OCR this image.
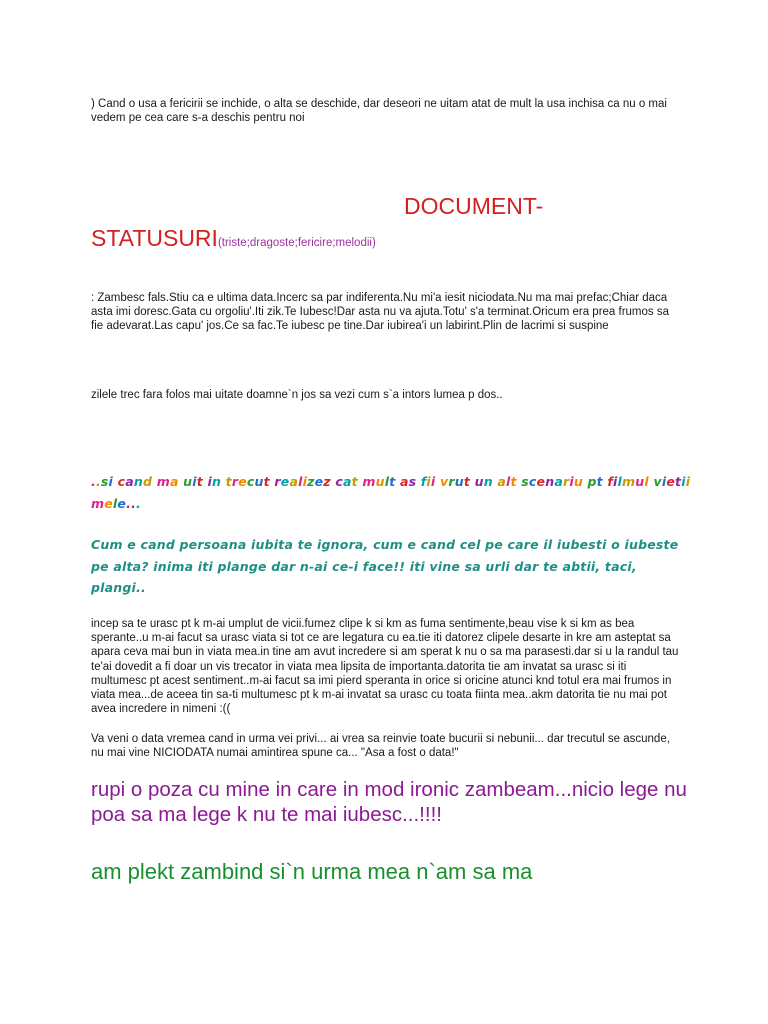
) Cand o usa a fericirii se inchide, o alta se deschide, dar deseori ne uitam atat de mult la usa inchisa ca nu o mai vedem pe cea care s-a deschis pentru noi

DOCUMENT-

STATUSURI(triste;dragoste;fericire;melodii)

: Zambesc fals.Stiu ca e ultima data.Incerc sa par indiferenta.Nu mi'a iesit niciodata.Nu ma mai prefac;Chiar daca asta imi doresc.Gata cu orgoliu'.Iti zik.Te Iubesc!Dar asta nu va ajuta.Totu' s'a terminat.Oricum era prea frumos sa fie adevarat.Las capu' jos.Ce sa fac.Te iubesc pe tine.Dar iubirea'i un labirint.Plin de lacrimi si suspine

zilele trec fara folos mai uitate doamne`n jos sa vezi cum s`a intors lumea p dos..

..si cand ma uit in trecut realizez cat mult as fii vrut un alt scenariu pt filmul vietii mele...

Cum e cand persoana iubita te ignora, cum e cand cel pe care il iubesti o iubeste pe alta? inima iti plange dar n-ai ce-i face!! iti vine sa urli dar te abtii, taci, plangi..

incep sa te urasc pt k m-ai umplut de vicii.fumez clipe k si km as fuma sentimente,beau vise k si km as bea sperante..u m-ai facut sa urasc viata si tot ce are legatura cu ea.tie iti datorez clipele desarte in kre am asteptat sa apara ceva mai bun in viata mea.in tine am avut incredere si am sperat k nu o sa ma parasesti.dar si u la randul tau te'ai dovedit a fi doar un vis trecator in viata mea lipsita de importanta.datorita tie am invatat sa urasc si iti multumesc pt acest sentiment..m-ai facut sa imi pierd speranta in orice si oricine atunci knd totul era mai frumos in viata mea...de aceea tin sa-ti multumesc pt k m-ai invatat sa urasc cu toata fiinta mea..akm datorita tie nu mai pot avea incredere in nimeni :((

Va veni o data vremea cand in urma vei privi... ai vrea sa reinvie toate bucurii si nebunii... dar trecutul se ascunde, nu mai vine NICIODATA numai amintirea spune ca... "Asa a fost o data!"

rupi o poza cu mine in care in mod ironic zambeam...nicio lege nu poa sa ma lege k nu te mai iubesc...!!!!

am plekt zambind si`n urma mea n`am sa ma
